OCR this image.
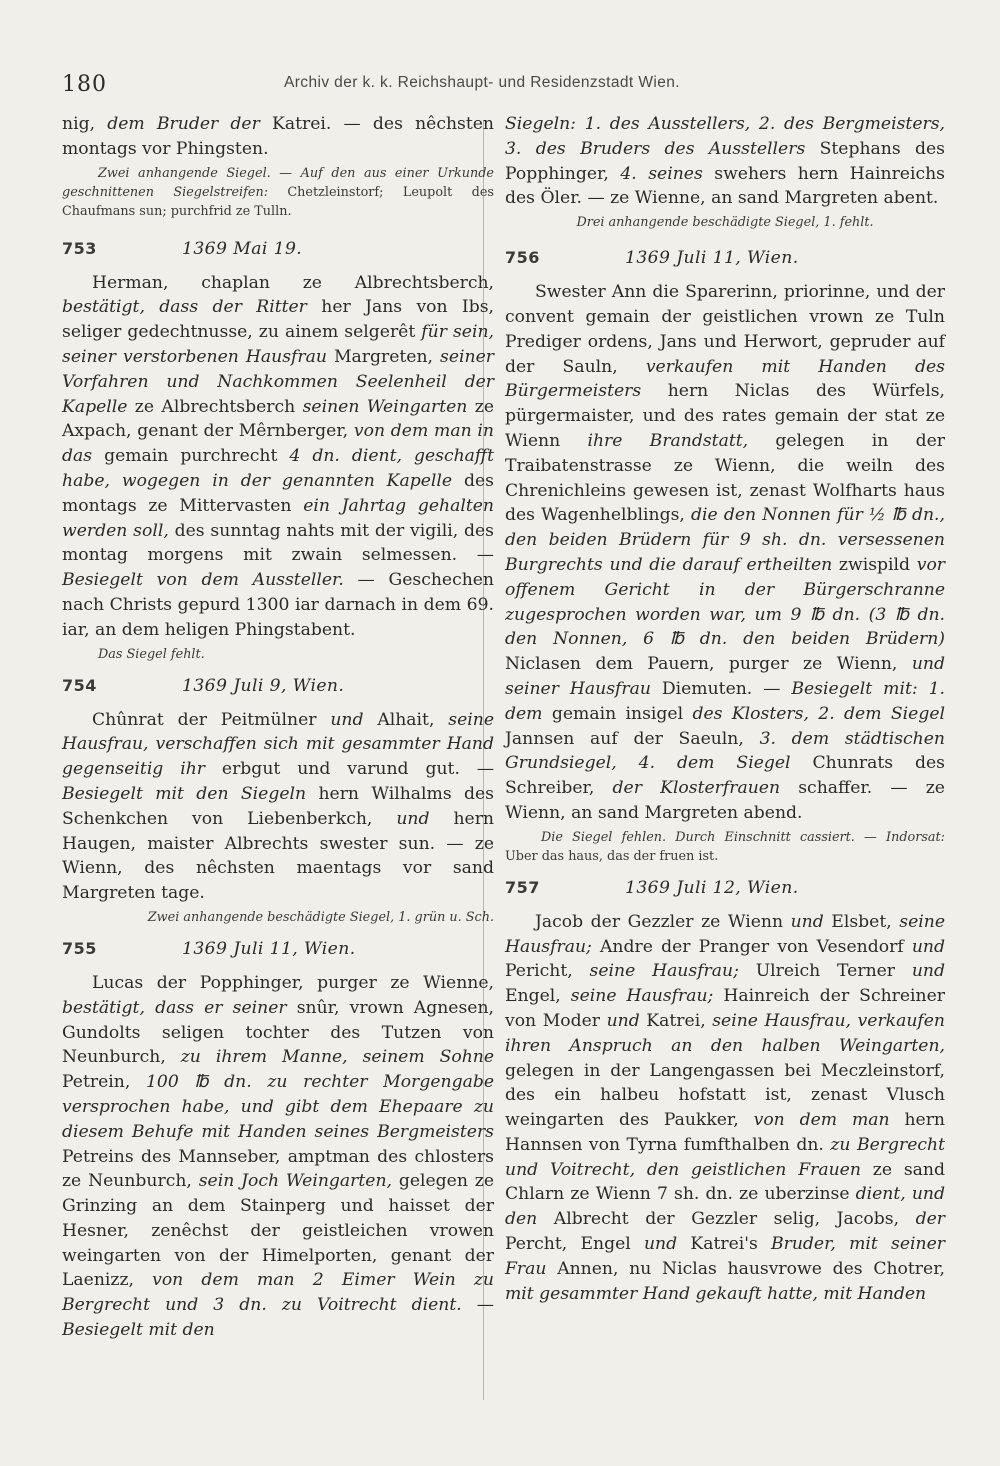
180	Archiv der k. k. Reichshaupt- und Residenzstadt Wien.

nig, dem Bruder der Katrei. — des nêchsten montags vor Phingsten.

Zwei anhangende Siegel. — Auf den aus einer Urkunde geschnittenen Siegelstreifen: Chetzleinstorf; Leupolt des Chaufmans sun; purchfrid ze Tulln.

753	1369 Mai 19.

Herman, chaplan ze Albrechtsberch, bestätigt, dass der Ritter her Jans von Ibs, seliger gedechtnusse, zu ainem selgerêt für sein, seiner verstorbenen Hausfrau Margreten, seiner Vorfahren und Nachkommen Seelenheil der Kapelle ze Albrechtsberch seinen Weingarten ze Axpach, genant der Mêrnberger, von dem man in das gemain purchrecht 4 dn. dient, geschafft habe, wogegen in der genannten Kapelle des montags ze Mittervasten ein Jahrtag gehalten werden soll, des sunntag nahts mit der vigili, des montag morgens mit zwain selmessen. — Besiegelt von dem Aussteller. — Geschechen nach Christs gepurd 1300 iar darnach in dem 69. iar, an dem heligen Phingstabent.

Das Siegel fehlt.

754	1369 Juli 9, Wien.

Chûnrat der Peitmülner und Alhait, seine Hausfrau, verschaffen sich mit gesammter Hand gegenseitig ihr erbgut und varund gut. — Besiegelt mit den Siegeln hern Wilhalms des Schenkchen von Liebenberkch, und hern Haugen, maister Albrechts swester sun. — ze Wienn, des nêchsten maentags vor sand Margreten tage.

Zwei anhangende beschädigte Siegel, 1. grün u. Sch.

755	1369 Juli 11, Wien.

Lucas der Popphinger, purger ze Wienne, bestätigt, dass er seiner snûr, vrown Agnesen, Gundolts seligen tochter des Tutzen von Neunburch, zu ihrem Manne, seinem Sohne Petrein, 100 ℔ dn. zu rechter Morgengabe versprochen habe, und gibt dem Ehepaare zu diesem Behufe mit Handen seines Bergmeisters Petreins des Mannseber, amptman des chlosters ze Neunburch, sein Joch Weingarten, gelegen ze Grinzing an dem Stainperg und haisset der Hesner, zenêchst der geistleichen vrowen weingarten von der Himelporten, genant der Laenizz, von dem man 2 Eimer Wein zu Bergrecht und 3 dn. zu Voitrecht dient. — Besiegelt mit den

Siegeln: 1. des Ausstellers, 2. des Bergmeisters, 3. des Bruders des Ausstellers Stephans des Popphinger, 4. seines swehers hern Hainreichs des Öler. — ze Wienne, an sand Margreten abent.

Drei anhangende beschädigte Siegel, 1. fehlt.

756	1369 Juli 11, Wien.

Swester Ann die Sparerinn, priorinne, und der convent gemain der geistlichen vrown ze Tuln Prediger ordens, Jans und Herwort, gepruder auf der Sauln, verkaufen mit Handen des Bürgermeisters hern Niclas des Würfels, pürgermaister, und des rates gemain der stat ze Wienn ihre Brandstatt, gelegen in der Traibatenstrasse ze Wienn, die weiln des Chrenichleins gewesen ist, zenast Wolfharts haus des Wagenhelblings, die den Nonnen für ½ ℔ dn., den beiden Brüdern für 9 sh. dn. versessenen Burgrechts und die darauf ertheilten zwispild vor offenem Gericht in der Bürgerschranne zugesprochen worden war, um 9 ℔ dn. (3 ℔ dn. den Nonnen, 6 ℔ dn. den beiden Brüdern) Niclasen dem Pauern, purger ze Wienn, und seiner Hausfrau Diemuten. — Besiegelt mit: 1. dem gemain insigel des Klosters, 2. dem Siegel Jannsen auf der Saeuln, 3. dem städtischen Grundsiegel, 4. dem Siegel Chunrats des Schreiber, der Klosterfrauen schaffer. — ze Wienn, an sand Margreten abend.

Die Siegel fehlen. Durch Einschnitt cassiert. — Indorsat: Uber das haus, das der fruen ist.

757	1369 Juli 12, Wien.

Jacob der Gezzler ze Wienn und Elsbet, seine Hausfrau; Andre der Pranger von Vesendorf und Pericht, seine Hausfrau; Ulreich Terner und Engel, seine Hausfrau; Hainreich der Schreiner von Moder und Katrei, seine Hausfrau, verkaufen ihren Anspruch an den halben Weingarten, gelegen in der Langengassen bei Meczleinstorf, des ein halbeu hofstatt ist, zenast Vlusch weingarten des Paukker, von dem man hern Hannsen von Tyrna fumfthalben dn. zu Bergrecht und Voitrecht, den geistlichen Frauen ze sand Chlarn ze Wienn 7 sh. dn. ze uberzinse dient, und den Albrecht der Gezzler selig, Jacobs, der Percht, Engel und Katrei's Bruder, mit seiner Frau Annen, nu Niclas hausvrowe des Chotrer, mit gesammter Hand gekauft hatte, mit Handen
